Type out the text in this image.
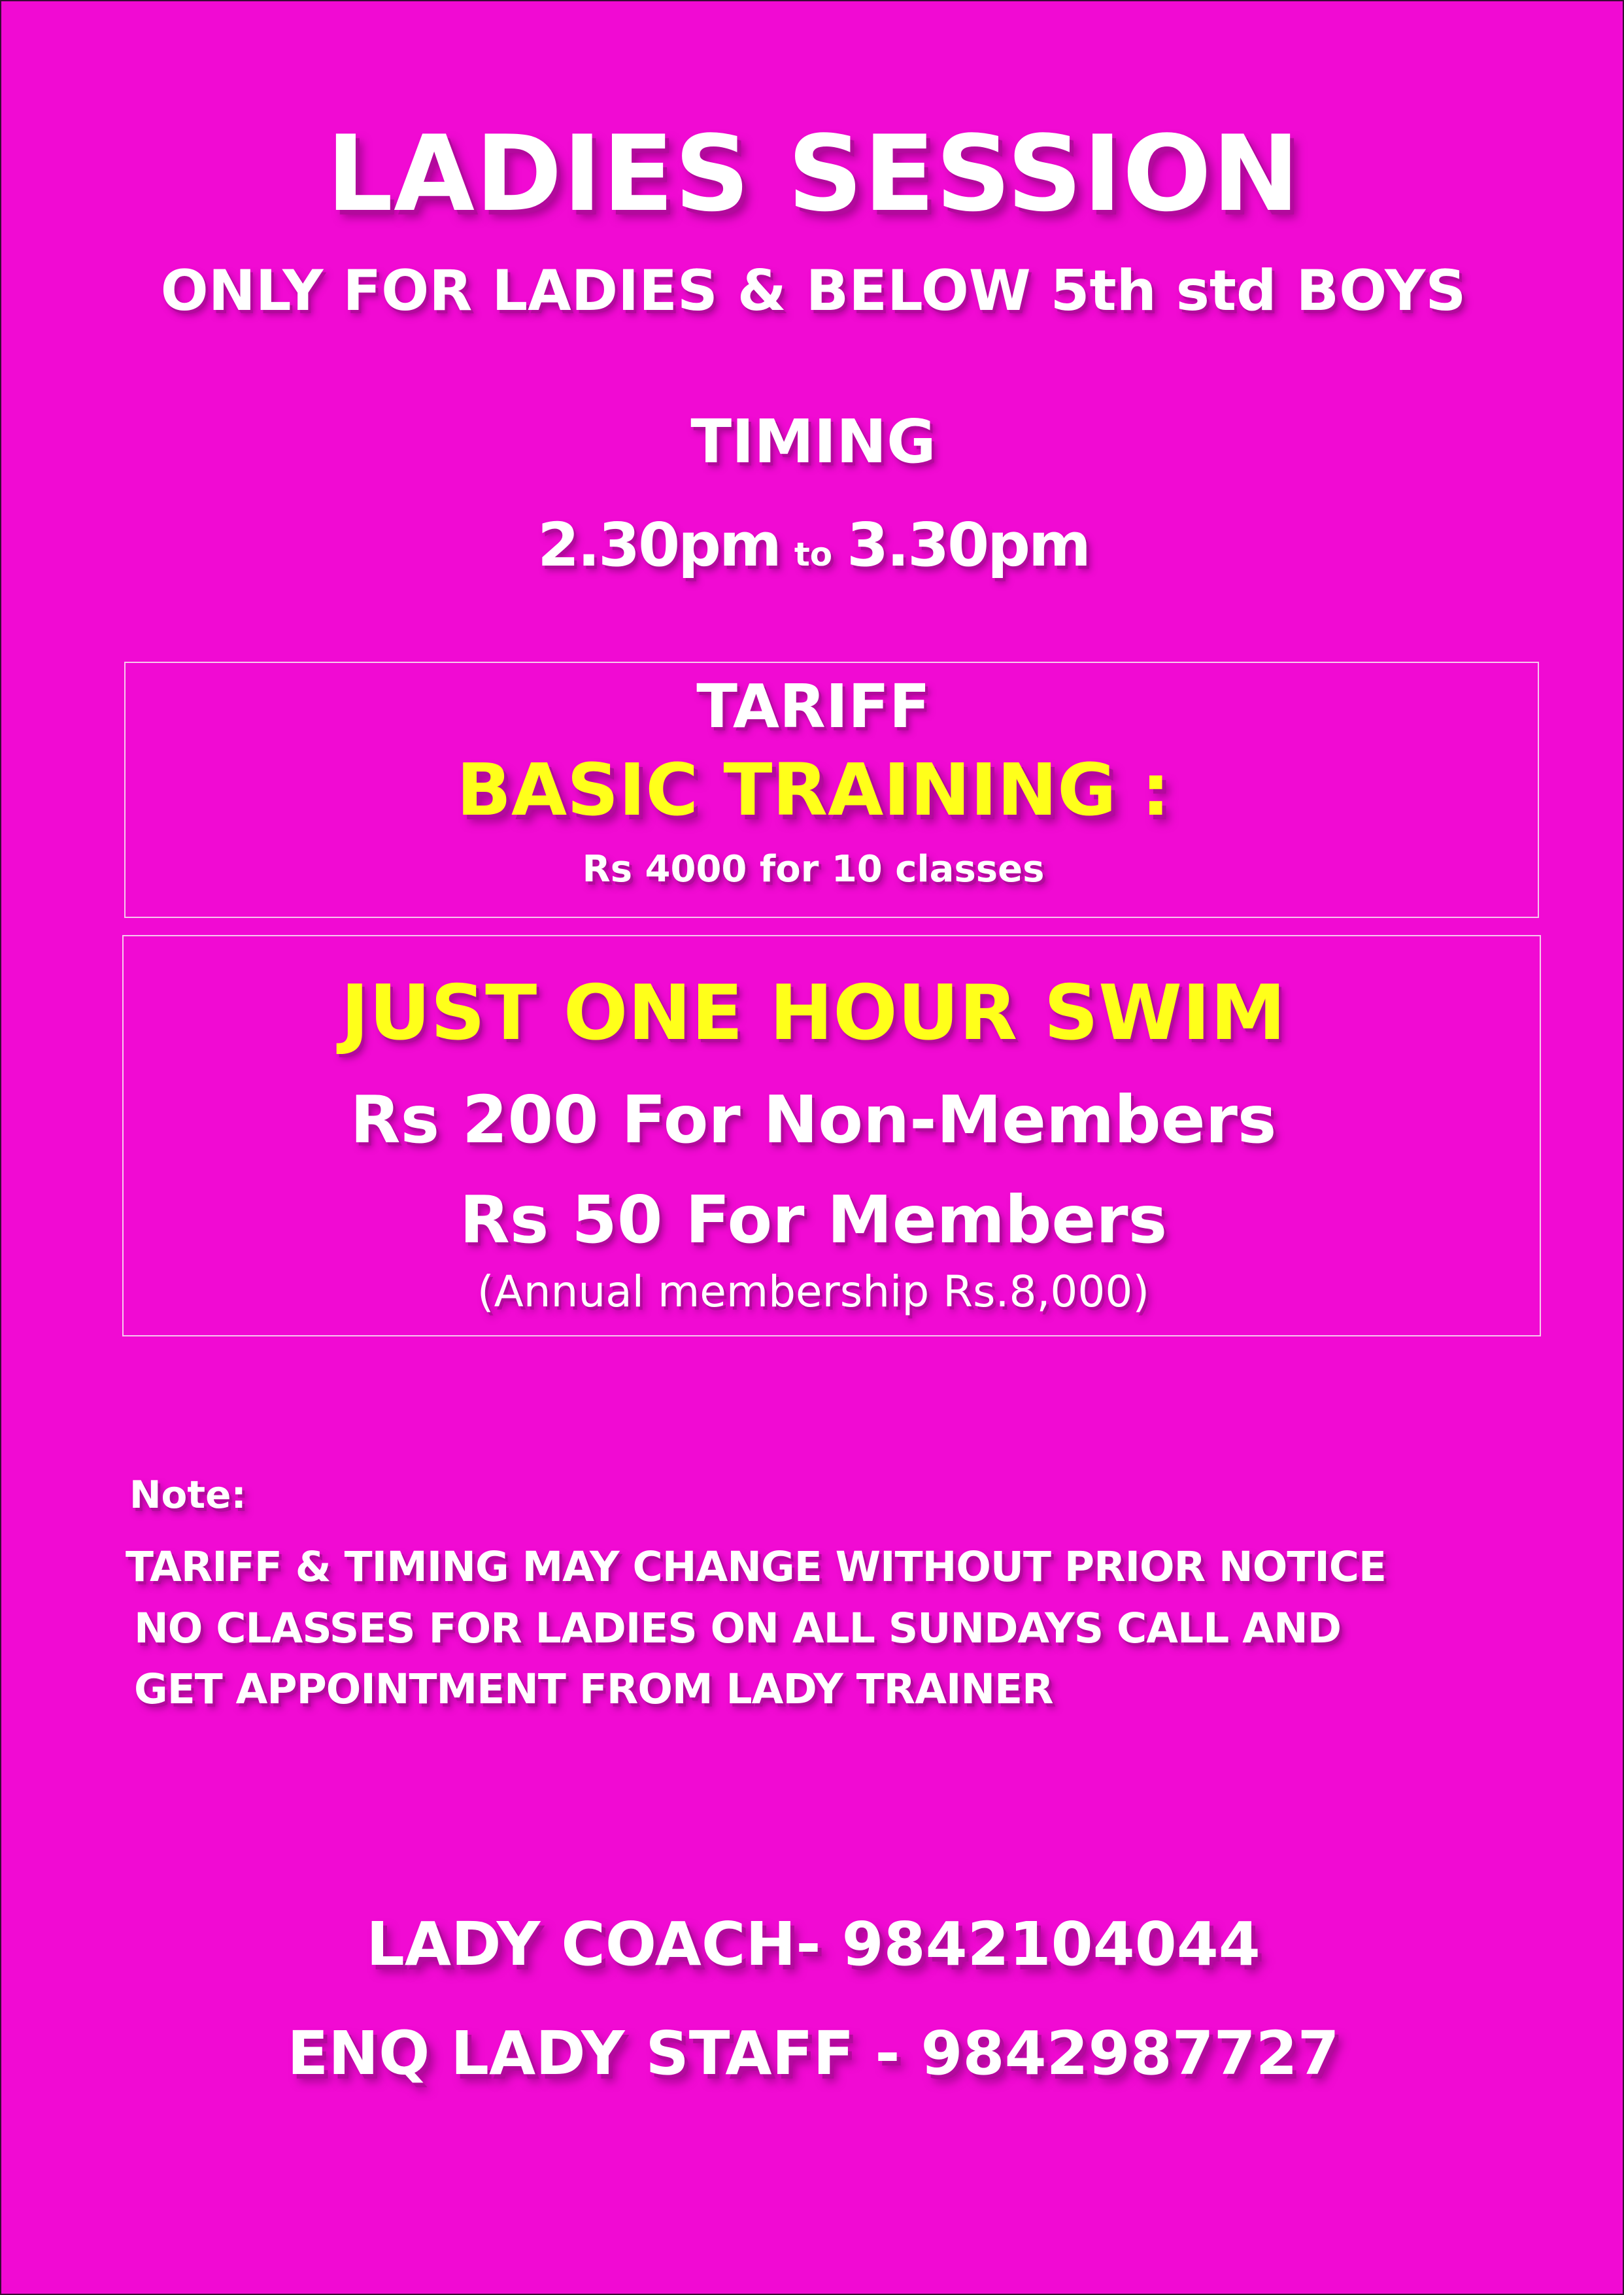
LADIES SESSION
ONLY FOR LADIES & BELOW 5th std BOYS
TIMING
2.30pm to 3.30pm
TARIFF
BASIC TRAINING :
Rs 4000 for 10 classes
JUST ONE HOUR SWIM
Rs 200 For Non-Members
Rs 50 For Members
(Annual membership Rs.8,000)
Note:
TARIFF & TIMING MAY CHANGE WITHOUT PRIOR NOTICE
NO CLASSES FOR LADIES ON ALL SUNDAYS CALL AND
GET APPOINTMENT FROM LADY TRAINER
LADY COACH- 9842104044
ENQ LADY STAFF - 9842987727
